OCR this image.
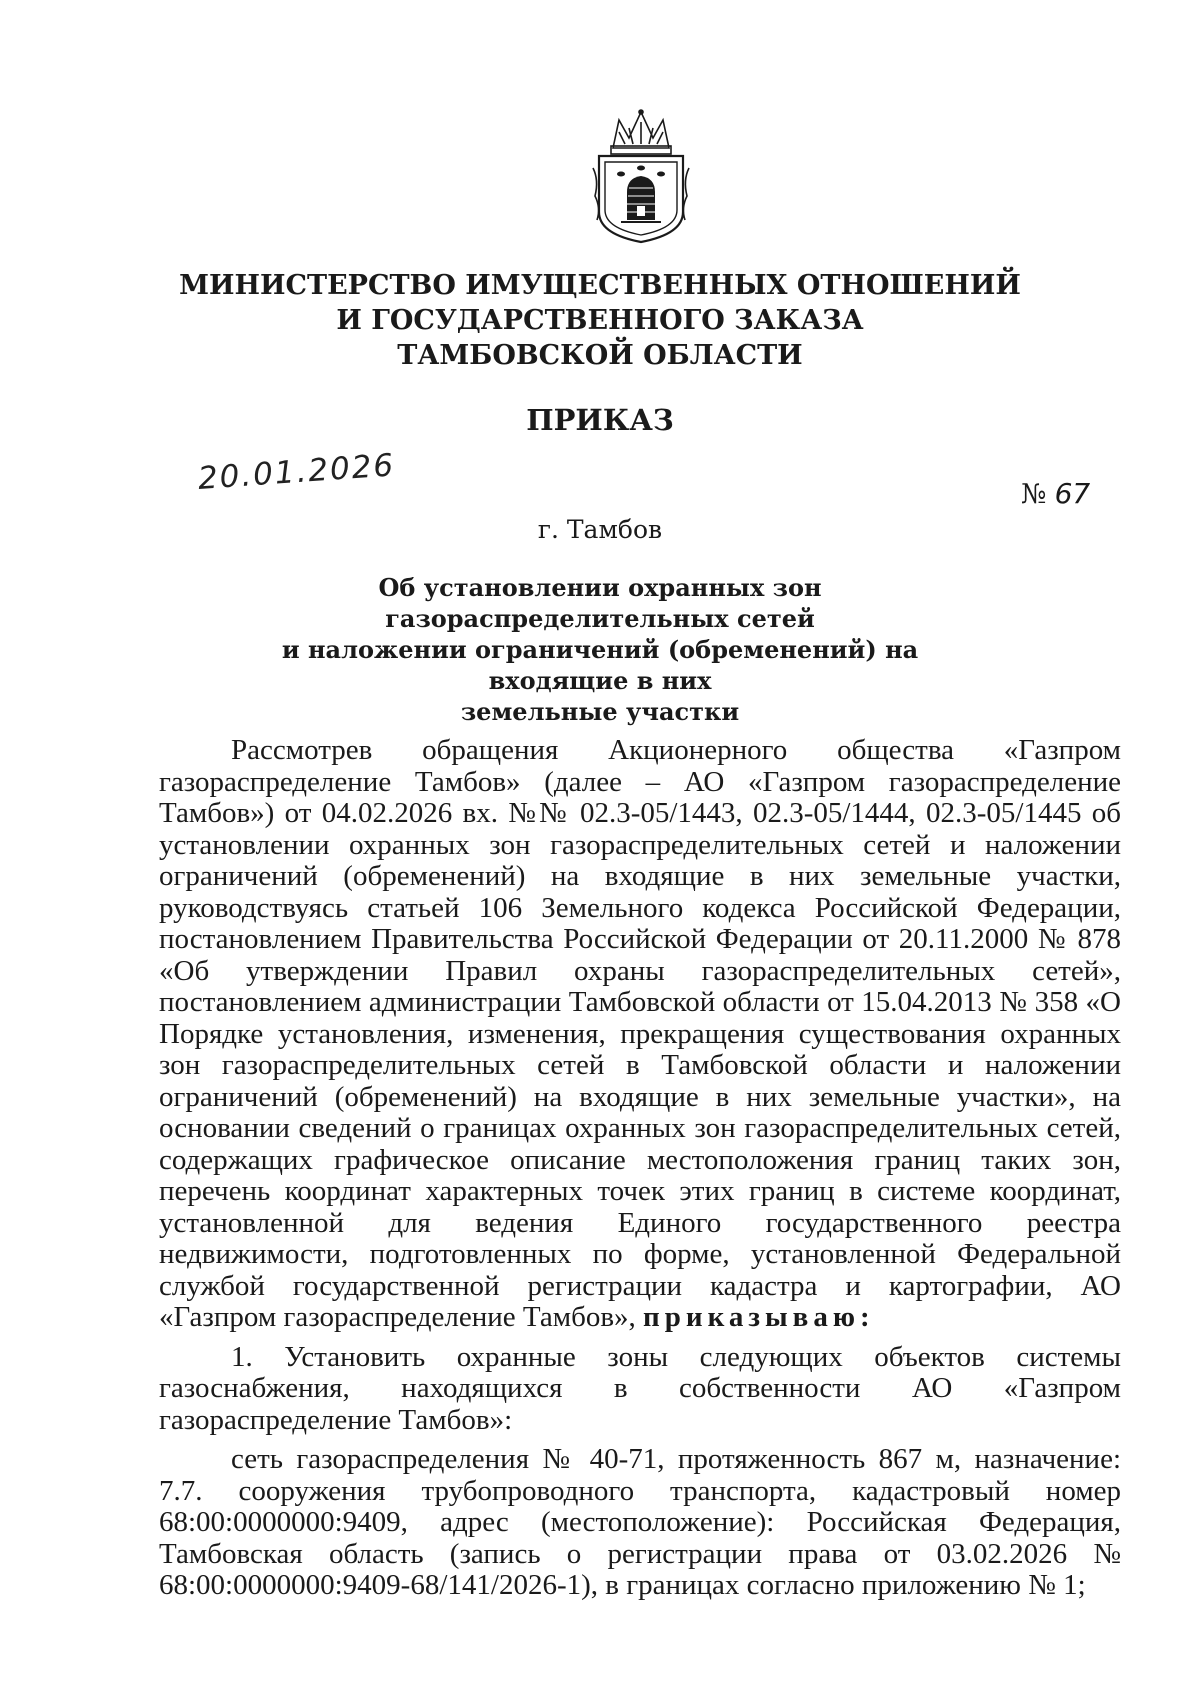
МИНИСТЕРСТВО ИМУЩЕСТВЕННЫХ ОТНОШЕНИЙ
И ГОСУДАРСТВЕННОГО ЗАКАЗА
ТАМБОВСКОЙ ОБЛАСТИ
ПРИКАЗ
20.01.2026	№ 67
г. Тамбов
Об установлении охранных зон газораспределительных сетей
и наложении ограничений (обременений) на входящие в них
земельные участки

Рассмотрев обращения Акционерного общества «Газпром газораспределение Тамбов» (далее – АО «Газпром газораспределение Тамбов») от 04.02.2026 вх. №№ 02.3-05/1443, 02.3-05/1444, 02.3-05/1445 об установлении охранных зон газораспределительных сетей и наложении ограничений (обременений) на входящие в них земельные участки, руководствуясь статьей 106 Земельного кодекса Российской Федерации, постановлением Правительства Российской Федерации от 20.11.2000 № 878 «Об утверждении Правил охраны газораспределительных сетей», постановлением администрации Тамбовской области от 15.04.2013 № 358 «О Порядке установления, изменения, прекращения существования охранных зон газораспределительных сетей в Тамбовской области и наложении ограничений (обременений) на входящие в них земельные участки», на основании сведений о границах охранных зон газораспределительных сетей, содержащих графическое описание местоположения границ таких зон, перечень координат характерных точек этих границ в системе координат, установленной для ведения Единого государственного реестра недвижимости, подготовленных по форме, установленной Федеральной службой государственной регистрации кадастра и картографии, АО «Газпром газораспределение Тамбов», приказываю:

1. Установить охранные зоны следующих объектов системы газоснабжения, находящихся в собственности АО «Газпром газораспределение Тамбов»:

сеть газораспределения № 40-71, протяженность 867 м, назначение: 7.7. сооружения трубопроводного транспорта, кадастровый номер 68:00:0000000:9409, адрес (местоположение): Российская Федерация, Тамбовская область (запись о регистрации права от 03.02.2026 № 68:00:0000000:9409-68/141/2026-1), в границах согласно приложению № 1;
